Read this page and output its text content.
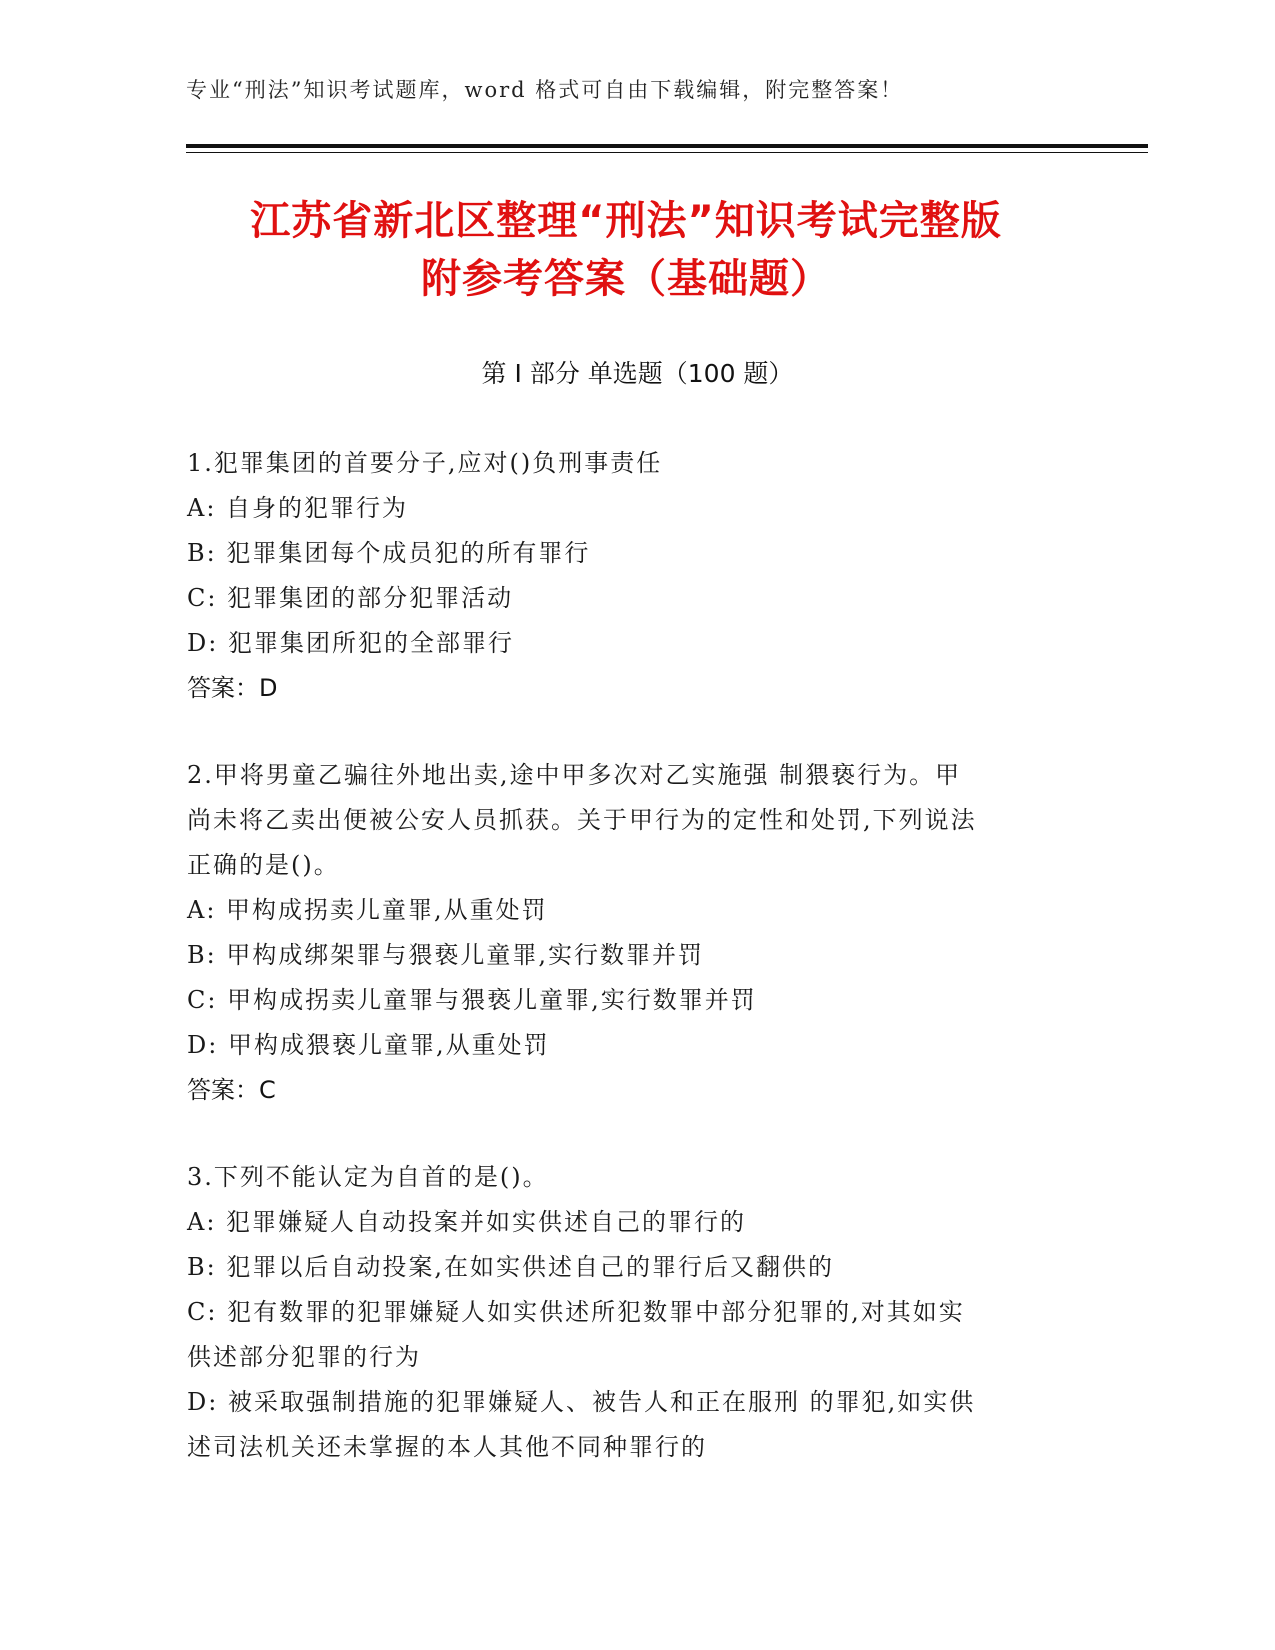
专业“刑法”知识考试题库，word 格式可自由下载编辑，附完整答案！
江苏省新北区整理“刑法”知识考试完整版
附参考答案（基础题）
第 I 部分 单选题（100 题）

1.犯罪集团的首要分子,应对()负刑事责任

A: 自身的犯罪行为

B: 犯罪集团每个成员犯的所有罪行

C: 犯罪集团的部分犯罪活动

D: 犯罪集团所犯的全部罪行

答案：D

2.甲将男童乙骗往外地出卖,途中甲多次对乙实施强 制猥亵行为。甲

尚未将乙卖出便被公安人员抓获。关于甲行为的定性和处罚,下列说法

正确的是()。

A: 甲构成拐卖儿童罪,从重处罚

B: 甲构成绑架罪与猥亵儿童罪,实行数罪并罚

C: 甲构成拐卖儿童罪与猥亵儿童罪,实行数罪并罚

D: 甲构成猥亵儿童罪,从重处罚

答案：C

3.下列不能认定为自首的是()。

A: 犯罪嫌疑人自动投案并如实供述自己的罪行的

B: 犯罪以后自动投案,在如实供述自己的罪行后又翻供的

C: 犯有数罪的犯罪嫌疑人如实供述所犯数罪中部分犯罪的,对其如实

供述部分犯罪的行为

D: 被采取强制措施的犯罪嫌疑人、被告人和正在服刑 的罪犯,如实供

述司法机关还未掌握的本人其他不同种罪行的
